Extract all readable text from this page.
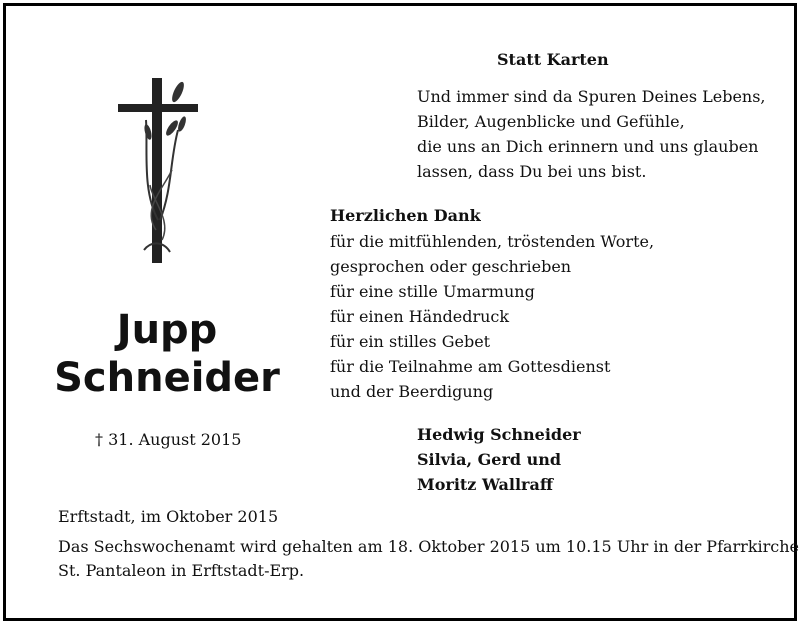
Jupp
Schneider
† 31. August 2015
Statt Karten
Und immer sind da Spuren Deines Lebens,
Bilder, Augenblicke und Gefühle,
die uns an Dich erinnern und uns glauben
lassen, dass Du bei uns bist.
Herzlichen Dank
für die mitfühlenden, tröstenden Worte,
gesprochen oder geschrieben
für eine stille Umarmung
für einen Händedruck
für ein stilles Gebet
für die Teilnahme am Gottesdienst
und der Beerdigung
Hedwig Schneider
Silvia, Gerd und
Moritz Wallraff
Erftstadt, im Oktober 2015
Das Sechswochenamt wird gehalten am 18. Oktober 2015 um 10.15 Uhr in der Pfarrkirche
St. Pantaleon in Erftstadt-Erp.
